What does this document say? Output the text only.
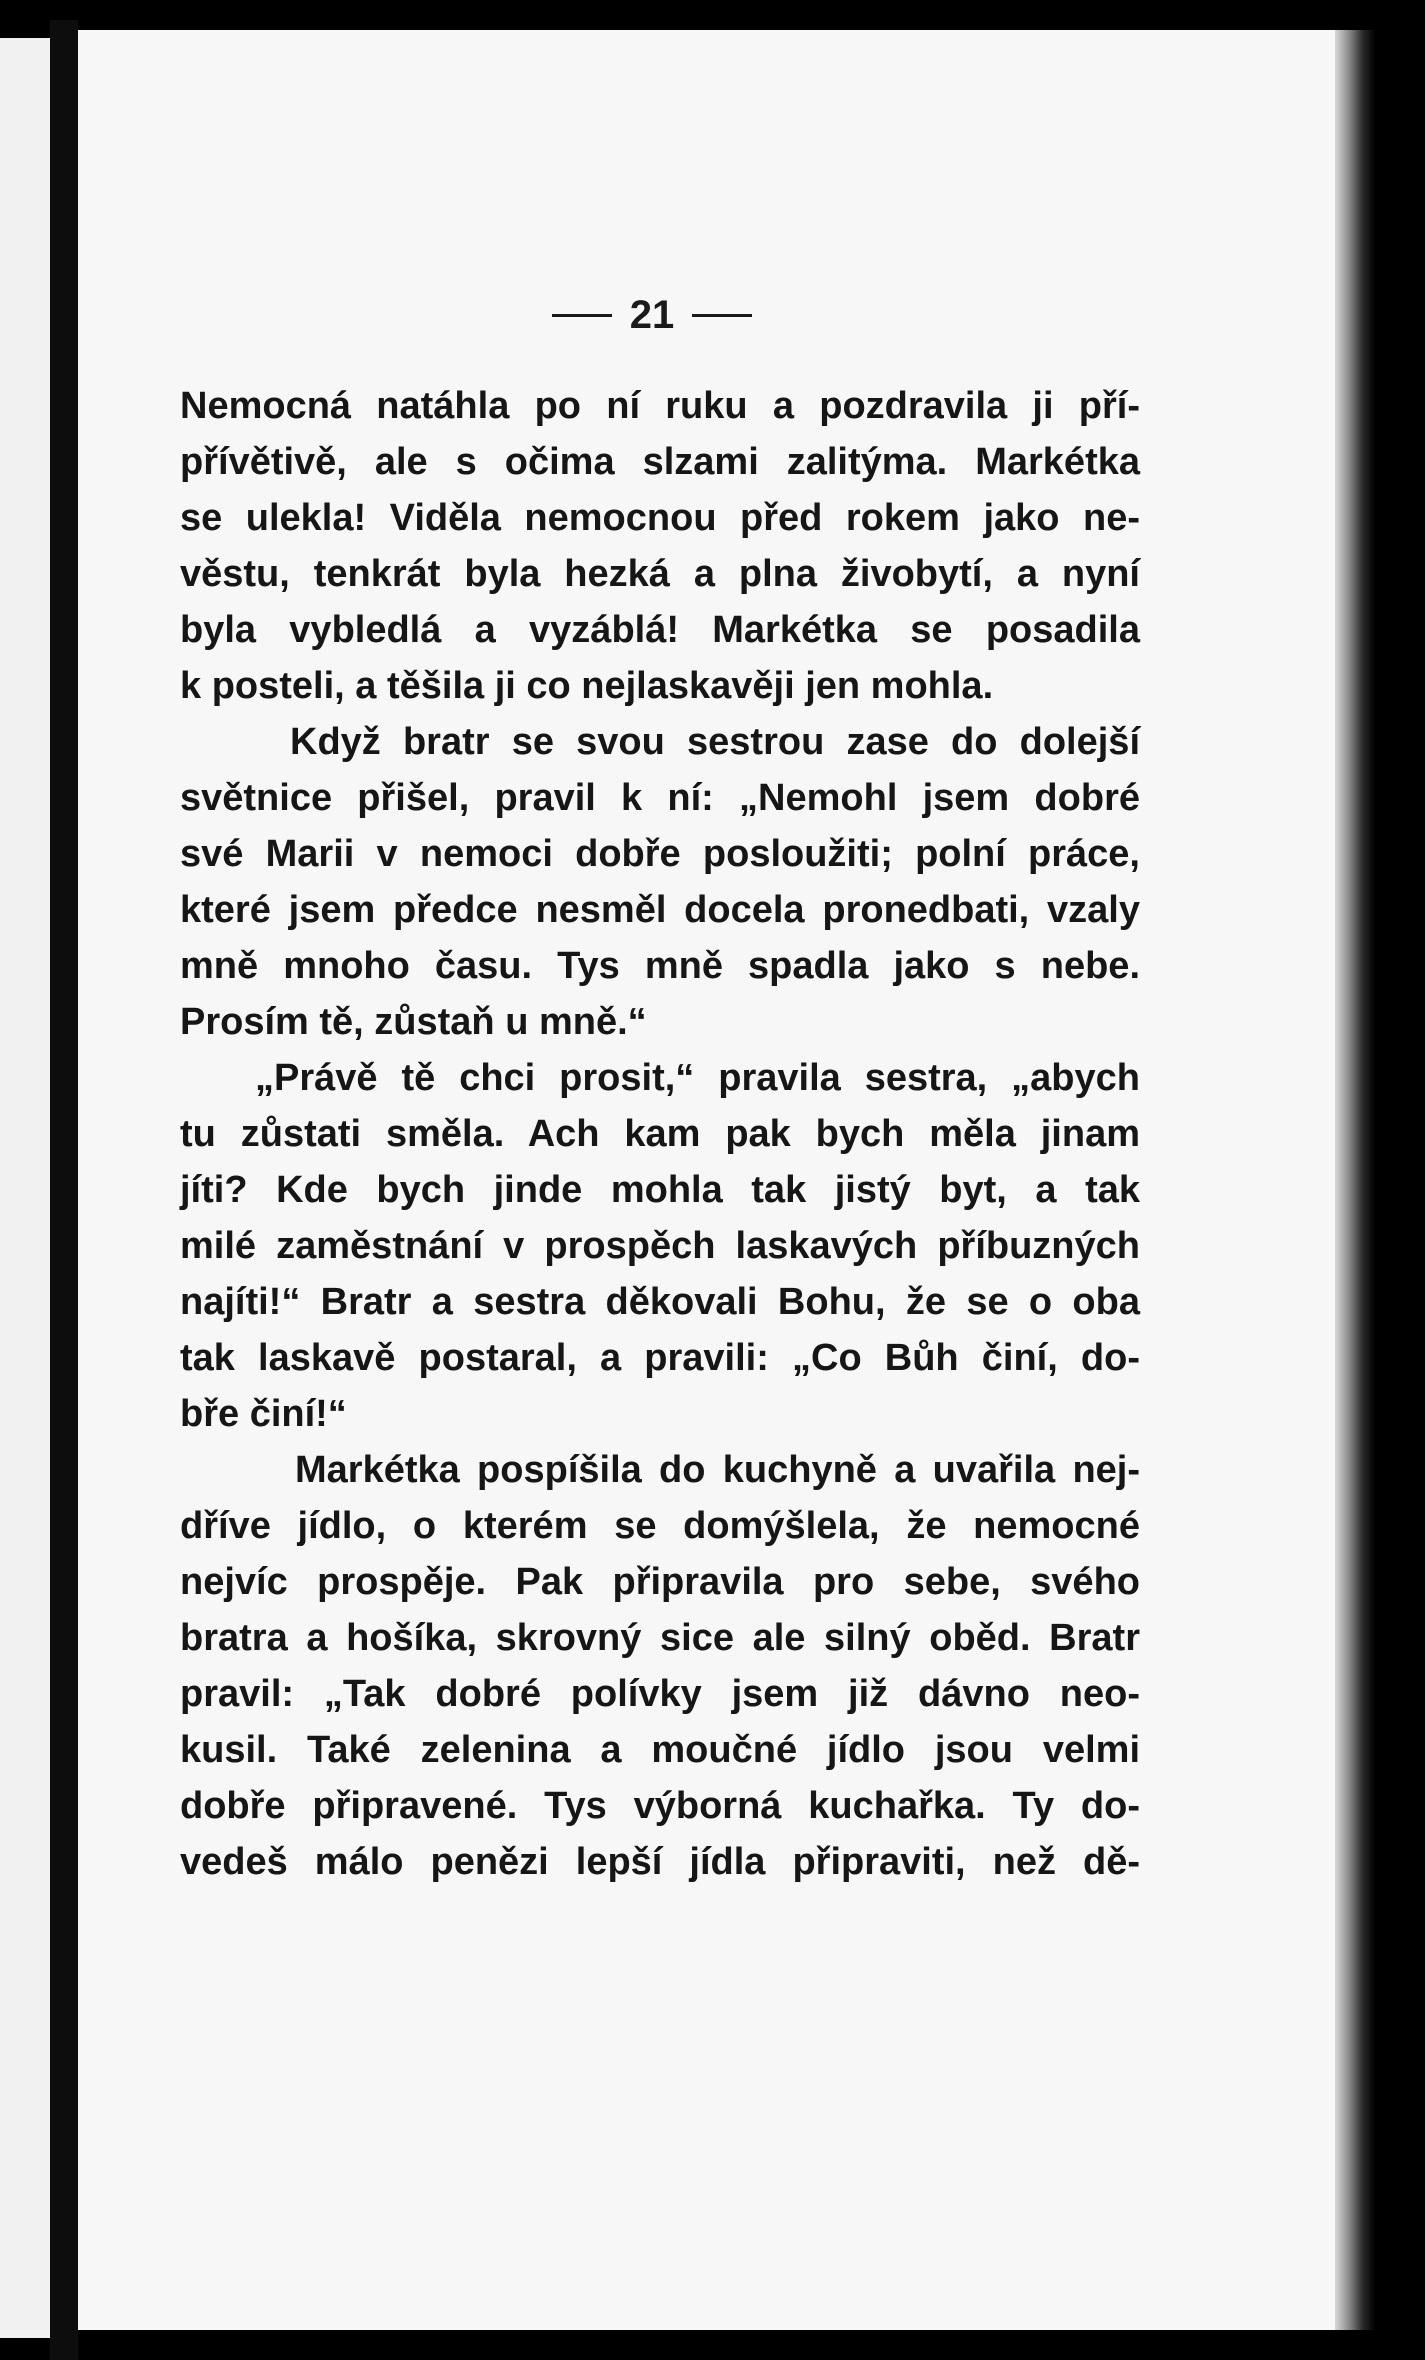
21
Nemocná natáhla po ní ruku a pozdravila ji pří-
přívětivě, ale s očima slzami zalitýma. Markétka
se ulekla! Viděla nemocnou před rokem jako ne-
věstu, tenkrát byla hezká a plna živobytí, a nyní
byla vybledlá a vyzáblá! Markétka se posadila
k posteli, a těšila ji co nejlaskavěji jen mohla.
Když bratr se svou sestrou zase do dolejší
světnice přišel, pravil k ní: „Nemohl jsem dobré
své Marii v nemoci dobře posloužiti; polní práce,
které jsem předce nesměl docela pronedbati, vzaly
mně mnoho času. Tys mně spadla jako s nebe.
Prosím tě, zůstaň u mně.“
„Právě tě chci prosit,“ pravila sestra, „abych
tu zůstati směla. Ach kam pak bych měla jinam
jíti? Kde bych jinde mohla tak jistý byt, a tak
milé zaměstnání v prospěch laskavých příbuzných
najíti!“ Bratr a sestra děkovali Bohu, že se o oba
tak laskavě postaral, a pravili: „Co Bůh činí, do-
bře činí!“
Markétka pospíšila do kuchyně a uvařila nej-
dříve jídlo, o kterém se domýšlela, že nemocné
nejvíc prospěje. Pak připravila pro sebe, svého
bratra a hošíka, skrovný sice ale silný oběd. Bratr
pravil: „Tak dobré polívky jsem již dávno neo-
kusil. Také zelenina a moučné jídlo jsou velmi
dobře připravené. Tys výborná kuchařka. Ty do-
vedeš málo penězi lepší jídla připraviti, než dě-
